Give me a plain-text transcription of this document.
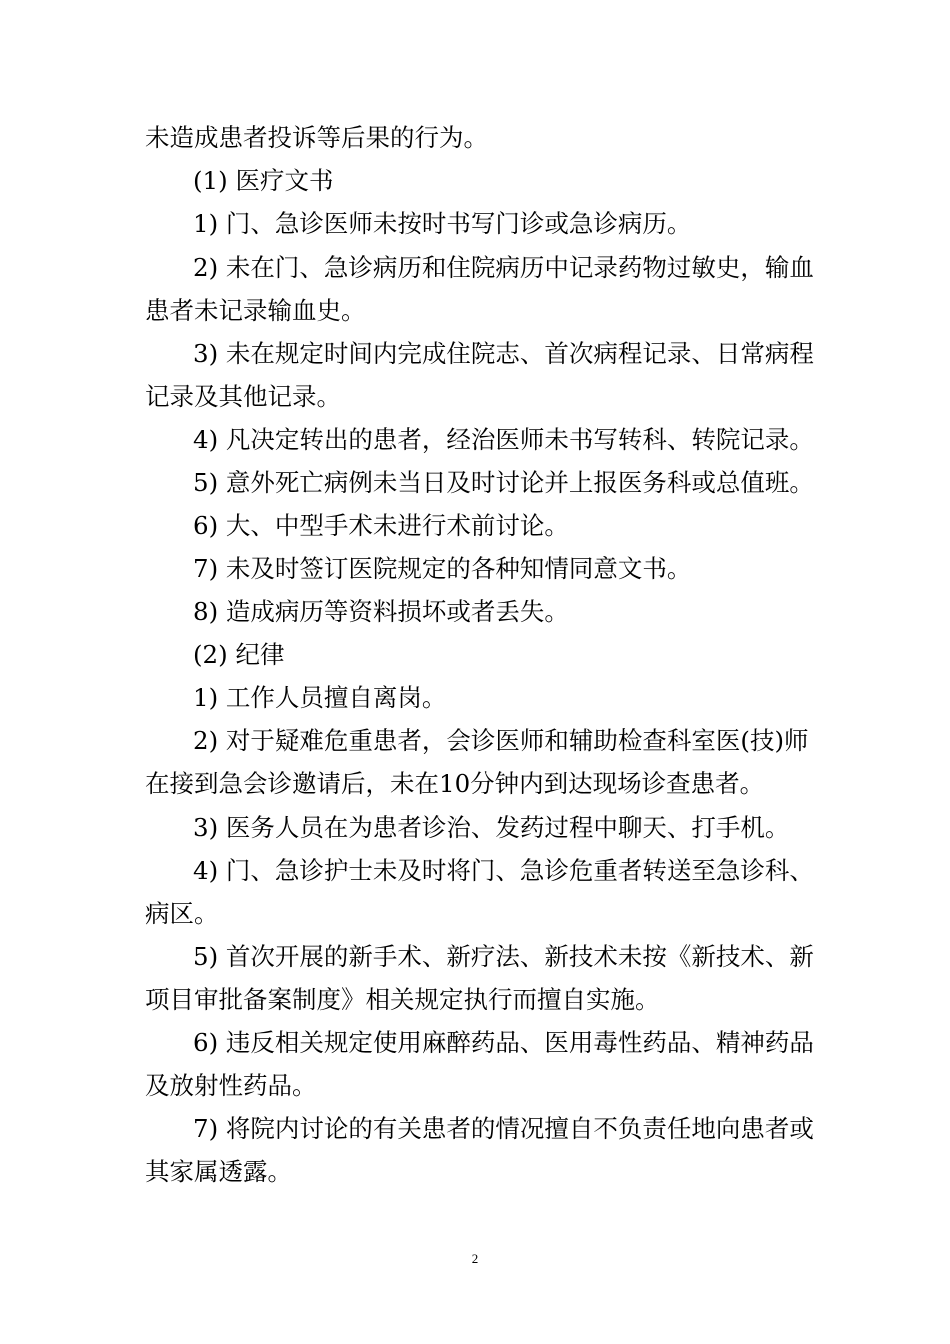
未造成患者投诉等后果的行为。
(1) 医疗文书
1) 门、急诊医师未按时书写门诊或急诊病历。
2) 未在门、急诊病历和住院病历中记录药物过敏史，输血
患者未记录输血史。
3) 未在规定时间内完成住院志、首次病程记录、日常病程
记录及其他记录。
4) 凡决定转出的患者，经治医师未书写转科、转院记录。
5) 意外死亡病例未当日及时讨论并上报医务科或总值班。
6) 大、中型手术未进行术前讨论。
7) 未及时签订医院规定的各种知情同意文书。
8) 造成病历等资料损坏或者丢失。
(2) 纪律
1) 工作人员擅自离岗。
2) 对于疑难危重患者，会诊医师和辅助检查科室医(技)师
在接到急会诊邀请后，未在10分钟内到达现场诊查患者。
3) 医务人员在为患者诊治、发药过程中聊天、打手机。
4) 门、急诊护士未及时将门、急诊危重者转送至急诊科、
病区。
5) 首次开展的新手术、新疗法、新技术未按《新技术、新
项目审批备案制度》相关规定执行而擅自实施。
6) 违反相关规定使用麻醉药品、医用毒性药品、精神药品
及放射性药品。
7) 将院内讨论的有关患者的情况擅自不负责任地向患者或
其家属透露。
2
